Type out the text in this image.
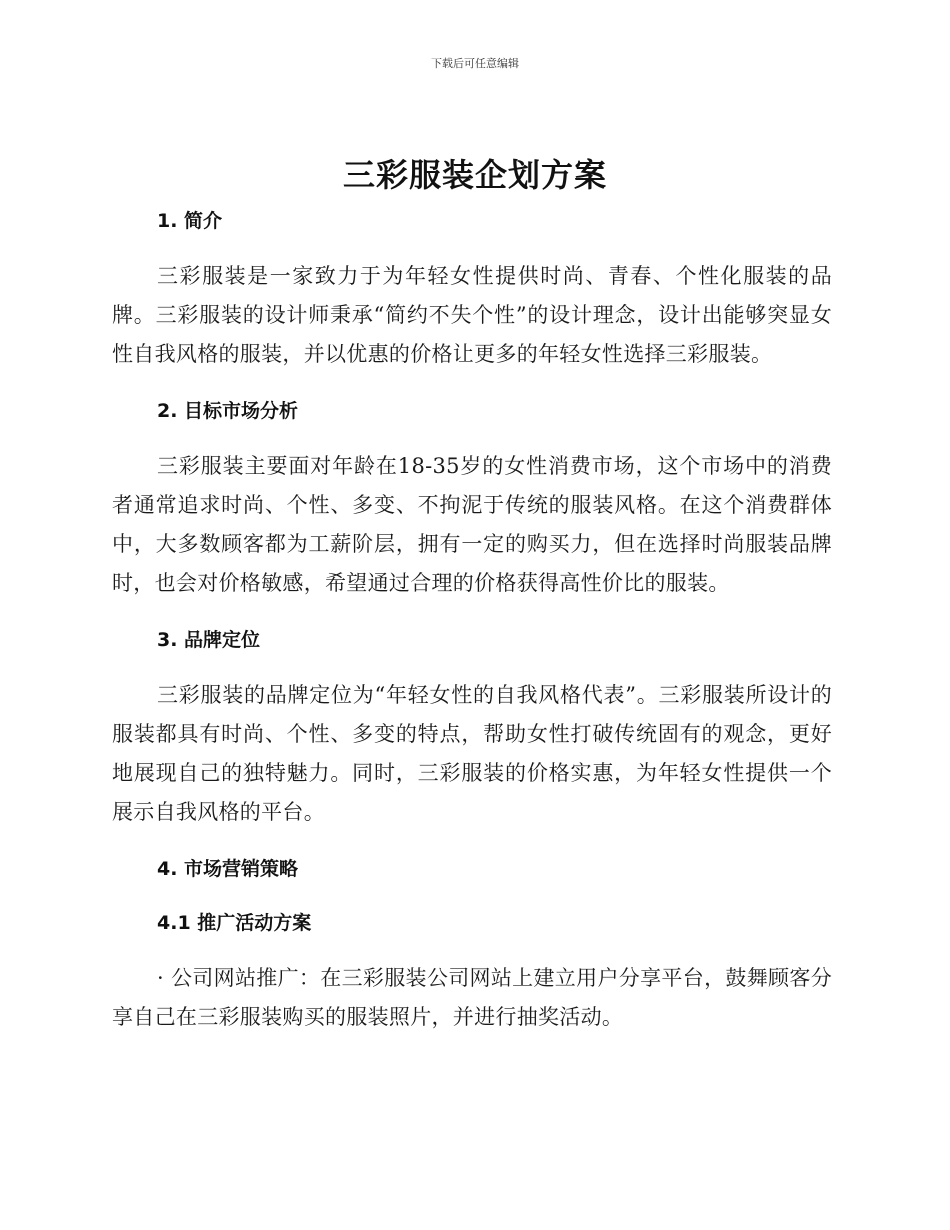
下载后可任意编辑
三彩服装企划方案
1. 简介

三彩服装是一家致力于为年轻女性提供时尚、青春、个性化服装的品牌。三彩服装的设计师秉承“简约不失个性”的设计理念，设计出能够突显女性自我风格的服装，并以优惠的价格让更多的年轻女性选择三彩服装。

2. 目标市场分析

三彩服装主要面对年龄在18-35岁的女性消费市场，这个市场中的消费者通常追求时尚、个性、多变、不拘泥于传统的服装风格。在这个消费群体中，大多数顾客都为工薪阶层，拥有一定的购买力，但在选择时尚服装品牌时，也会对价格敏感，希望通过合理的价格获得高性价比的服装。

3. 品牌定位

三彩服装的品牌定位为“年轻女性的自我风格代表”。三彩服装所设计的服装都具有时尚、个性、多变的特点，帮助女性打破传统固有的观念，更好地展现自己的独特魅力。同时，三彩服装的价格实惠，为年轻女性提供一个展示自我风格的平台。

4. 市场营销策略
4.1 推广活动方案

· 公司网站推广：在三彩服装公司网站上建立用户分享平台，鼓舞顾客分享自己在三彩服装购买的服装照片，并进行抽奖活动。
